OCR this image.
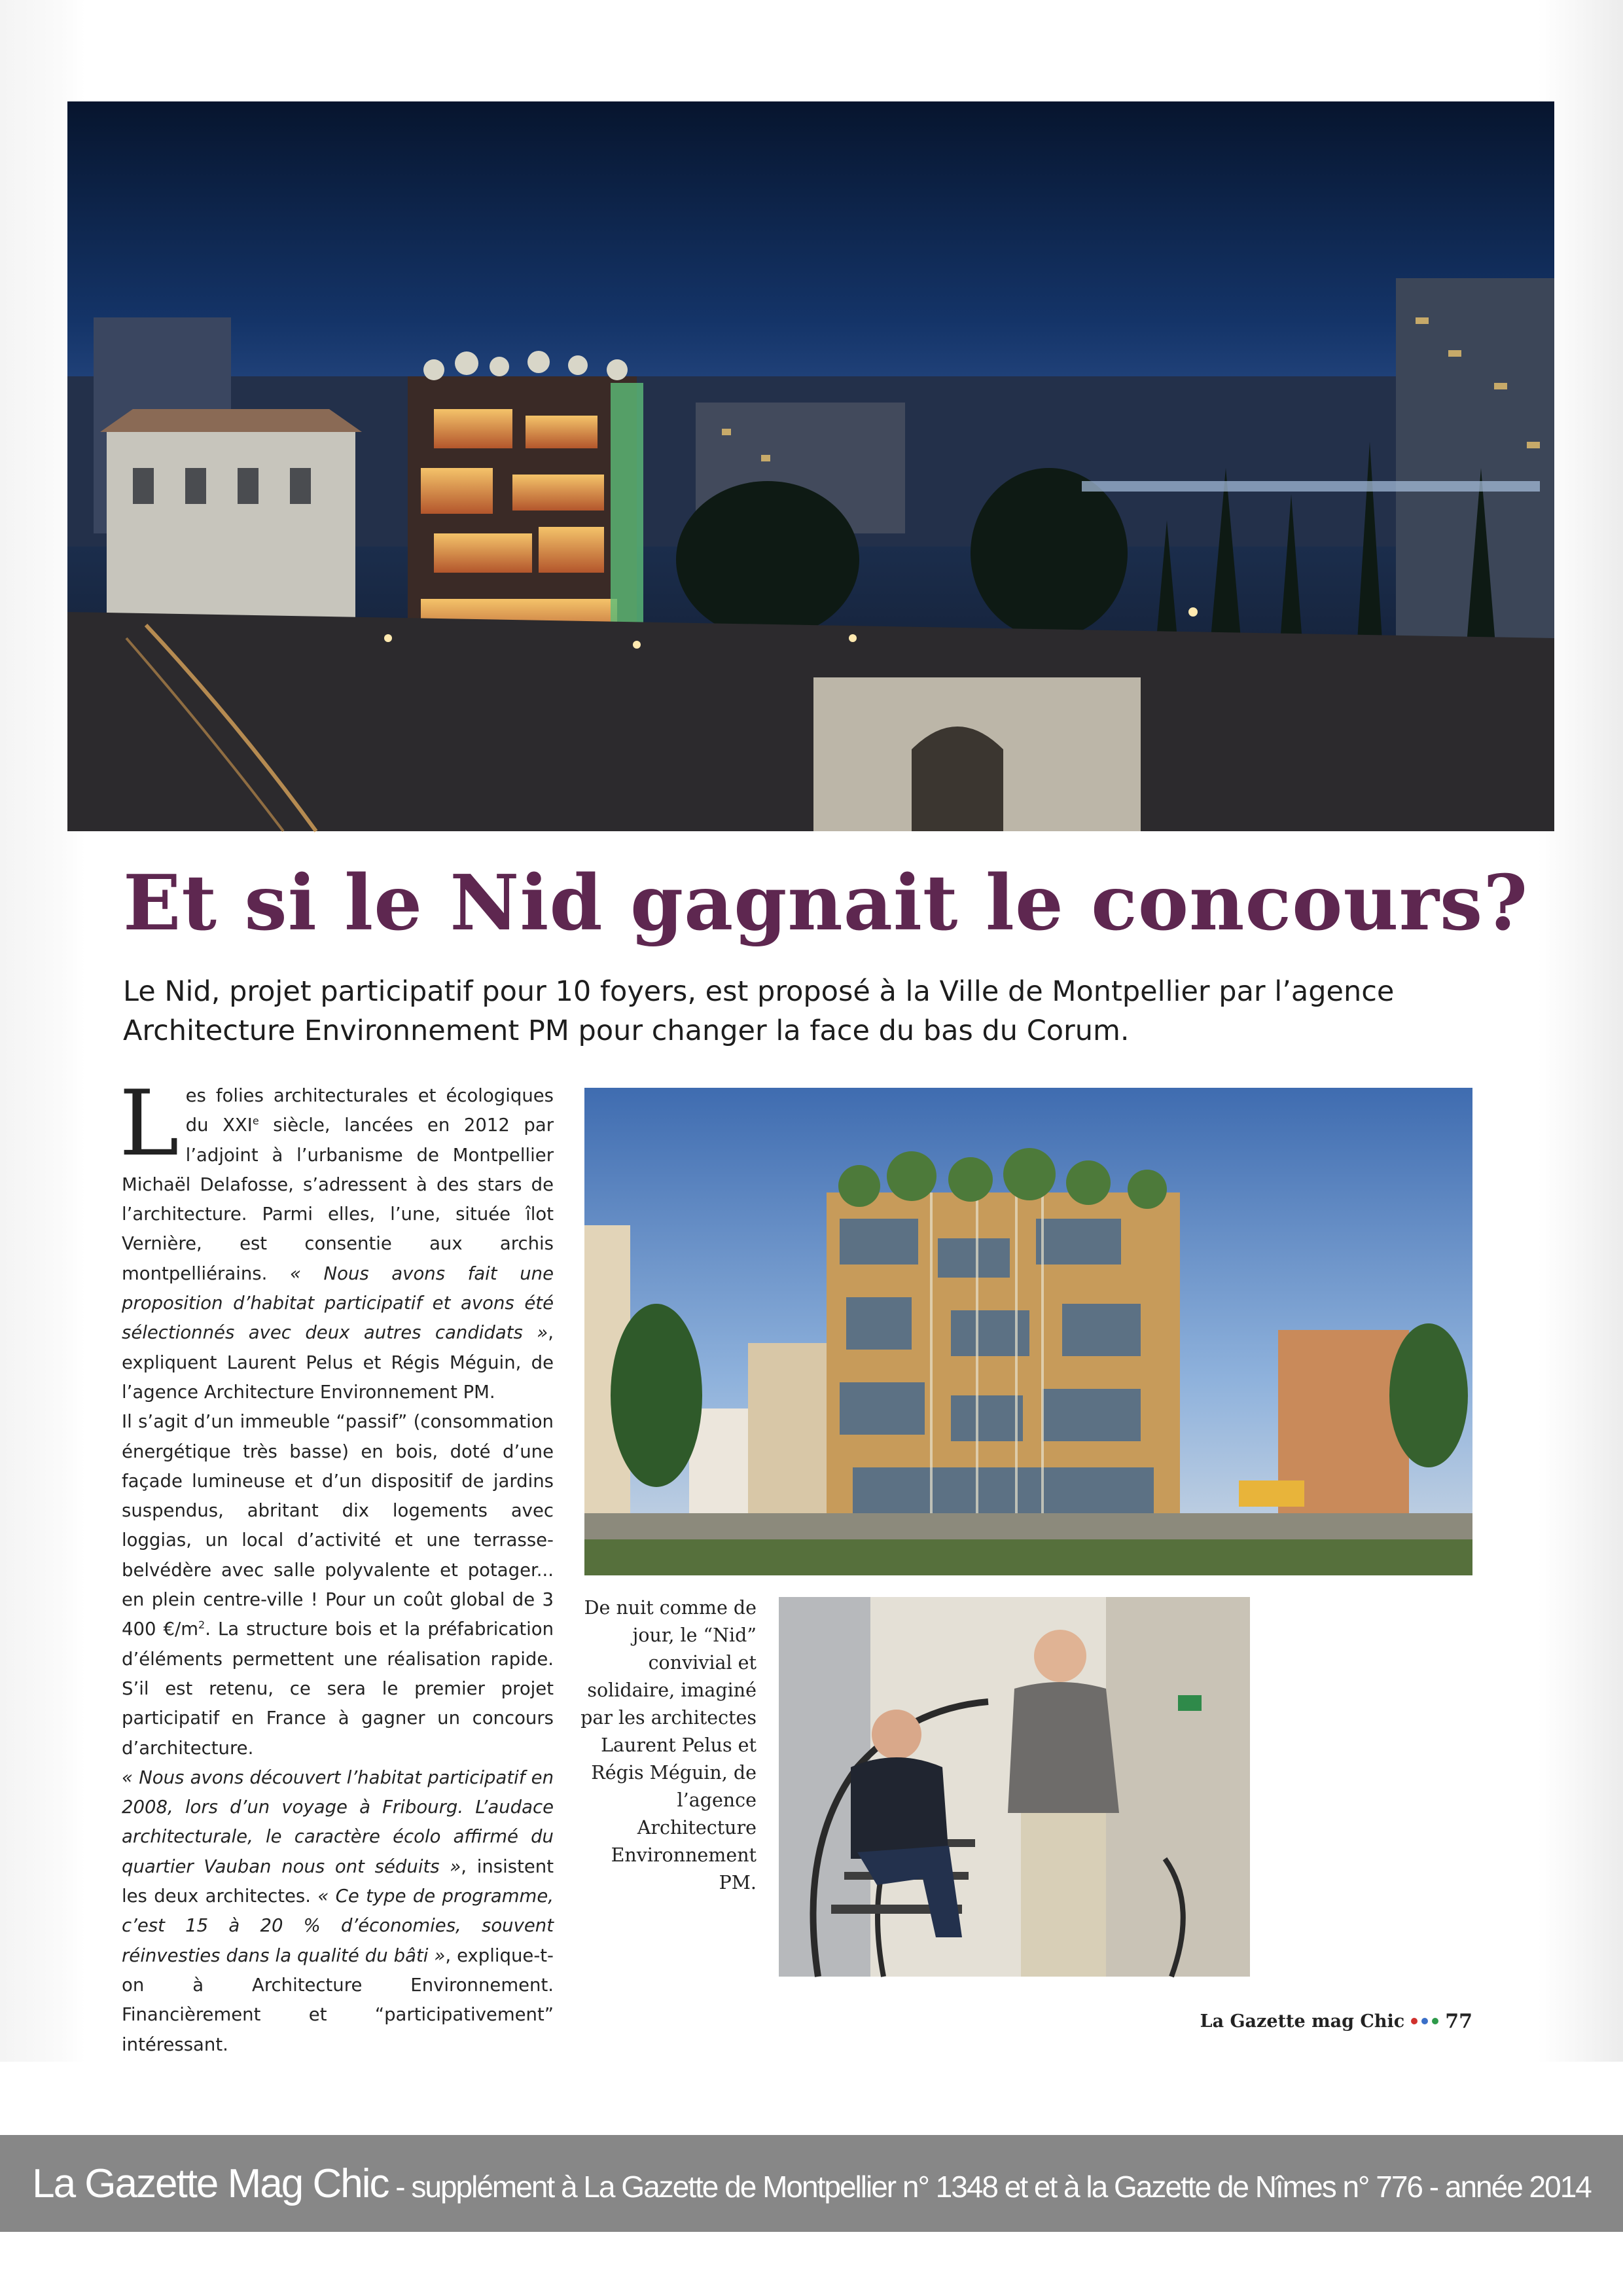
Et si le Nid gagnait le concours?
Le Nid, projet participatif pour 10 foyers, est proposé à la Ville de Montpellier par l’agence Architecture Environnement PM pour changer la face du bas du Corum.

Les folies architecturales et écologiques du XXIe siècle, lancées en 2012 par l’adjoint à l’urbanisme de Montpellier Michaël Delafosse, s’adressent à des stars de l’architecture. Parmi elles, l’une, située îlot Vernière, est consentie aux archis montpelliérains. « Nous avons fait une proposition d’habitat participatif et avons été sélectionnés avec deux autres candidats », expliquent Laurent Pelus et Régis Méguin, de l’agence Architecture Environnement PM.

Il s’agit d’un immeuble “passif” (consommation énergétique très basse) en bois, doté d’une façade lumineuse et d’un dispositif de jardins suspendus, abritant dix logements avec loggias, un local d’activité et une terrasse-belvédère avec salle polyvalente et potager... en plein centre-ville ! Pour un coût global de 3 400 $€/m^2$. La structure bois et la préfabrication d’éléments permettent une réalisation rapide. S’il est retenu, ce sera le premier projet participatif en France à gagner un concours d’architecture.

« Nous avons découvert l’habitat participatif en 2008, lors d’un voyage à Fribourg. L’audace architecturale, le caractère écolo affirmé du quartier Vauban nous ont séduits », insistent les deux architectes. « Ce type de programme, c’est 15 à 20 % d’économies, souvent réinvesties dans la qualité du bâti », explique-t-on à Architecture Environnement. Financièrement et “participativement” intéressant.

De nuit comme de jour, le “Nid” convivial et solidaire, imaginé par les architectes Laurent Pelus et Régis Méguin, de l’agence Architecture Environnement PM.
La Gazette mag Chic 77
La Gazette Mag Chic - supplément à La Gazette de Montpellier n° 1348 et et à la Gazette de Nîmes n° 776 - année 2014
